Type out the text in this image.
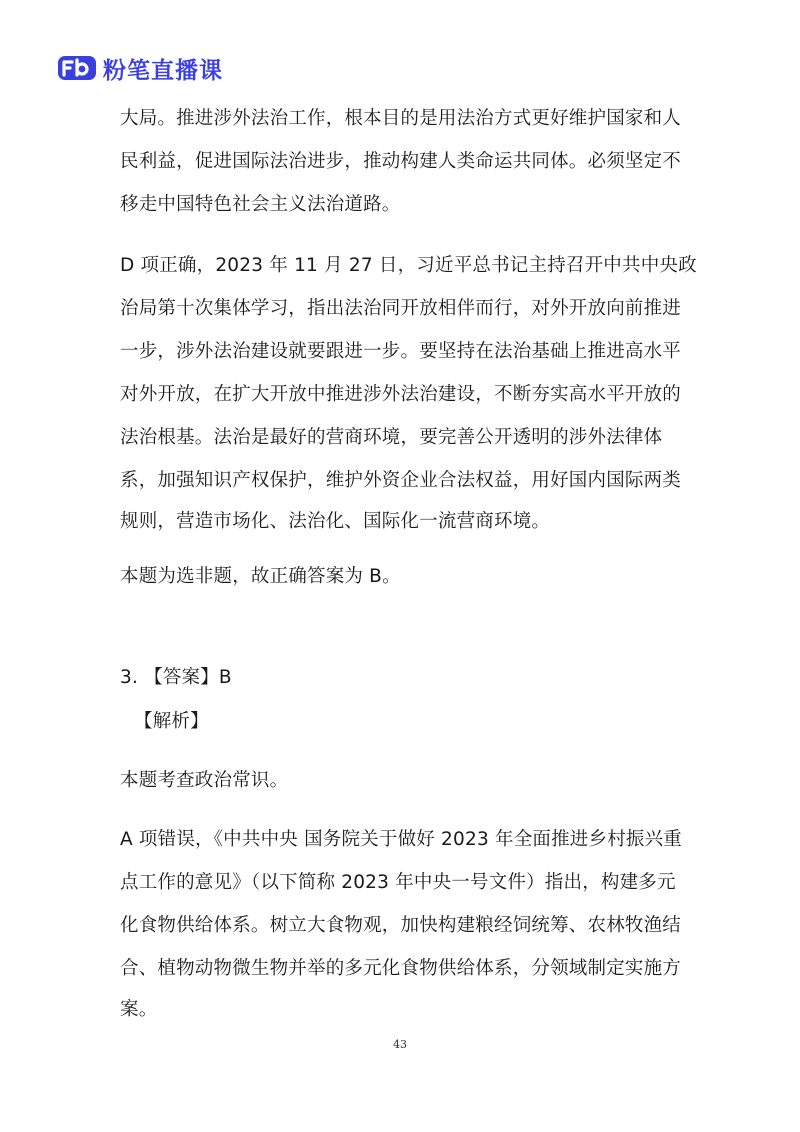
粉笔直播课
大局。推进涉外法治工作，根本目的是用法治方式更好维护国家和人
民利益，促进国际法治进步，推动构建人类命运共同体。必须坚定不
移走中国特色社会主义法治道路。
D 项正确，2023 年 11 月 27 日，习近平总书记主持召开中共中央政
治局第十次集体学习，指出法治同开放相伴而行，对外开放向前推进
一步，涉外法治建设就要跟进一步。要坚持在法治基础上推进高水平
对外开放，在扩大开放中推进涉外法治建设，不断夯实高水平开放的
法治根基。法治是最好的营商环境，要完善公开透明的涉外法律体
系，加强知识产权保护，维护外资企业合法权益，用好国内国际两类
规则，营造市场化、法治化、国际化一流营商环境。
本题为选非题，故正确答案为 B。
3. 【答案】B
【解析】
本题考查政治常识。
A 项错误，《中共中央 国务院关于做好 2023 年全面推进乡村振兴重
点工作的意见》（以下简称 2023 年中央一号文件）指出，构建多元
化食物供给体系。树立大食物观，加快构建粮经饲统筹、农林牧渔结
合、植物动物微生物并举的多元化食物供给体系，分领域制定实施方
案。
43
